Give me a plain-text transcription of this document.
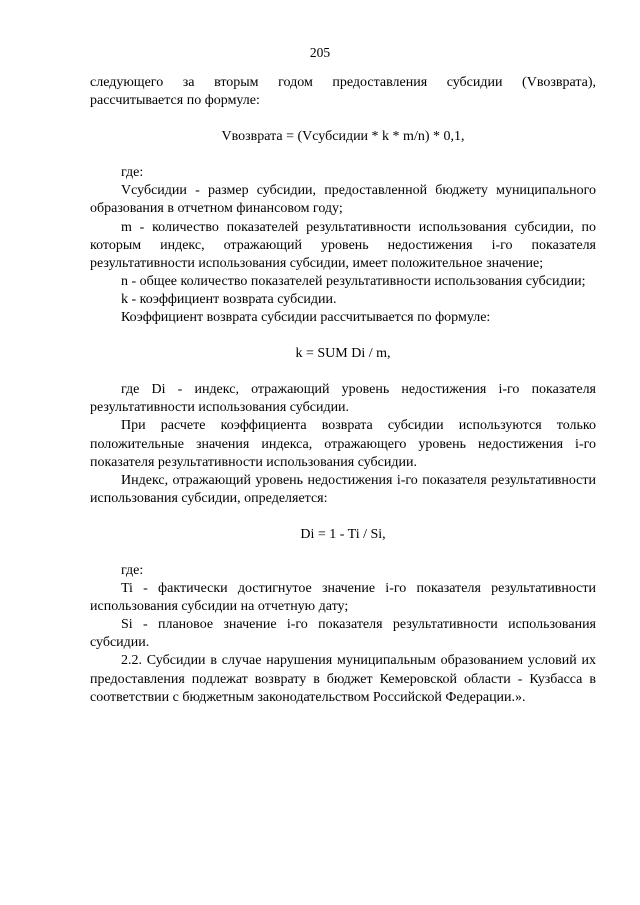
205

следующего за вторым годом предоставления субсидии (Vвозврата), рассчитывается по формуле:

Vвозврата = (Vсубсидии * k * m/n) * 0,1,

где:

Vсубсидии - размер субсидии, предоставленной бюджету муниципального образования в отчетном финансовом году;

m - количество показателей результативности использования субсидии, по которым индекс, отражающий уровень недостижения i-го показателя результативности использования субсидии, имеет положительное значение;

n - общее количество показателей результативности использования субсидии;

k - коэффициент возврата субсидии.

Коэффициент возврата субсидии рассчитывается по формуле:

k = SUM Di / m,

где Di - индекс, отражающий уровень недостижения i-го показателя результативности использования субсидии.

При расчете коэффициента возврата субсидии используются только положительные значения индекса, отражающего уровень недостижения i-го показателя результативности использования субсидии.

Индекс, отражающий уровень недостижения i-го показателя результативности использования субсидии, определяется:

Di = 1 - Ti / Si,

где:

Ti - фактически достигнутое значение i-го показателя результативности использования субсидии на отчетную дату;

Si - плановое значение i-го показателя результативности использования субсидии.

2.2. Субсидии в случае нарушения муниципальным образованием условий их предоставления подлежат возврату в бюджет Кемеровской области - Кузбасса в соответствии с бюджетным законодательством Российской Федерации.».
